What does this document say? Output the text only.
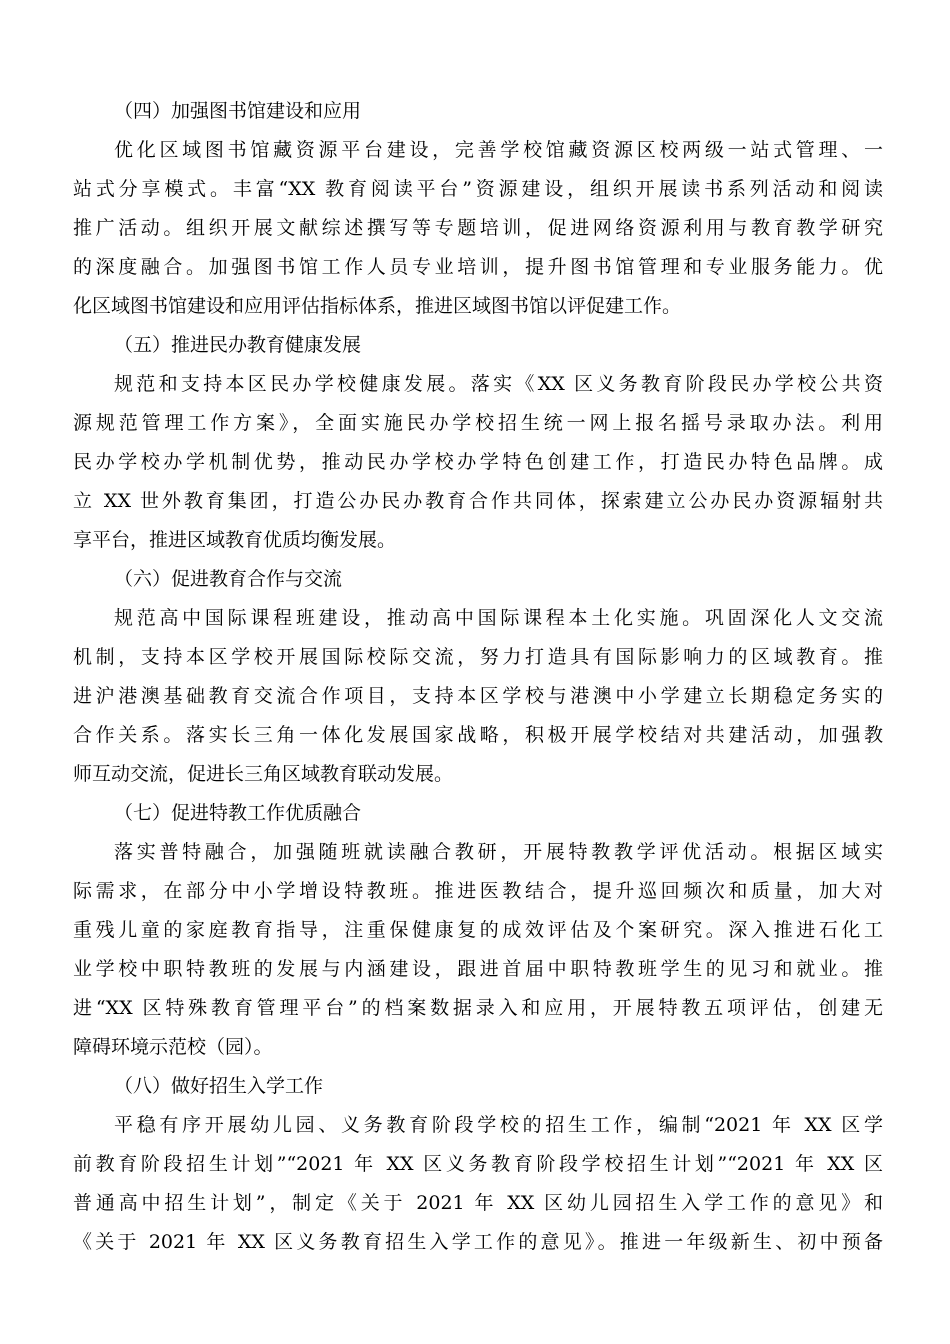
（四）加强图书馆建设和应用

优化区域图书馆藏资源平台建设，完善学校馆藏资源区校两级一站式管理、一

站式分享模式。丰富“XX 教育阅读平台”资源建设，组织开展读书系列活动和阅读

推广活动。组织开展文献综述撰写等专题培训，促进网络资源利用与教育教学研究

的深度融合。加强图书馆工作人员专业培训，提升图书馆管理和专业服务能力。优

化区域图书馆建设和应用评估指标体系，推进区域图书馆以评促建工作。

（五）推进民办教育健康发展

规范和支持本区民办学校健康发展。落实《XX 区义务教育阶段民办学校公共资

源规范管理工作方案》，全面实施民办学校招生统一网上报名摇号录取办法。利用

民办学校办学机制优势，推动民办学校办学特色创建工作，打造民办特色品牌。成

立 XX 世外教育集团，打造公办民办教育合作共同体，探索建立公办民办资源辐射共

享平台，推进区域教育优质均衡发展。

（六）促进教育合作与交流

规范高中国际课程班建设，推动高中国际课程本土化实施。巩固深化人文交流

机制，支持本区学校开展国际校际交流，努力打造具有国际影响力的区域教育。推

进沪港澳基础教育交流合作项目，支持本区学校与港澳中小学建立长期稳定务实的

合作关系。落实长三角一体化发展国家战略，积极开展学校结对共建活动，加强教

师互动交流，促进长三角区域教育联动发展。

（七）促进特教工作优质融合

落实普特融合，加强随班就读融合教研，开展特教教学评优活动。根据区域实

际需求，在部分中小学增设特教班。推进医教结合，提升巡回频次和质量，加大对

重残儿童的家庭教育指导，注重保健康复的成效评估及个案研究。深入推进石化工

业学校中职特教班的发展与内涵建设，跟进首届中职特教班学生的见习和就业。推

进“XX 区特殊教育管理平台”的档案数据录入和应用，开展特教五项评估，创建无

障碍环境示范校（园）。

（八）做好招生入学工作

平稳有序开展幼儿园、义务教育阶段学校的招生工作，编制“2021 年 XX 区学

前教育阶段招生计划”“2021 年 XX 区义务教育阶段学校招生计划”“2021 年 XX 区

普通高中招生计划”，制定《关于 2021 年 XX 区幼儿园招生入学工作的意见》和

《关于 2021 年 XX 区义务教育招生入学工作的意见》。推进一年级新生、初中预备
